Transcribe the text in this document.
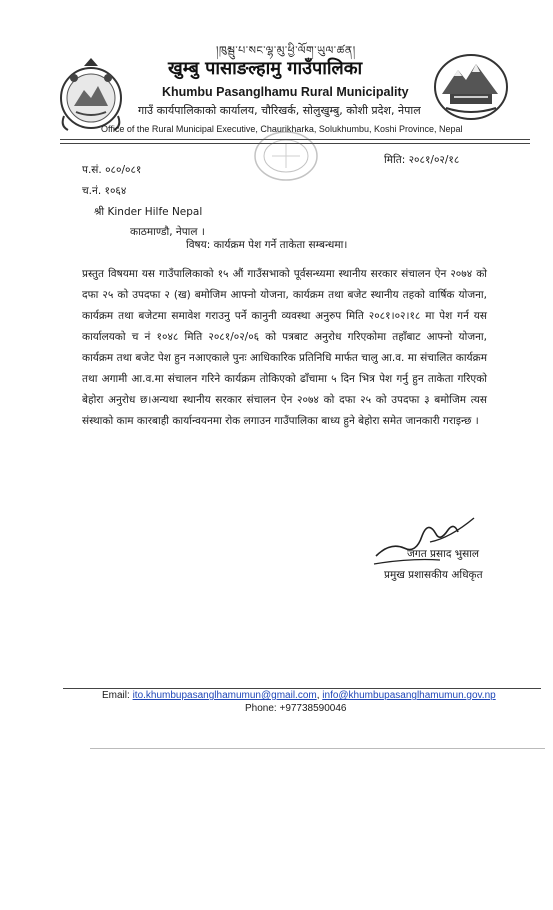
།ཁུམྦུ་པ་སང་ལྷ་མུ་ཕྱི་ལོག་ཡུལ་ཚན།
खुम्बु पासाङल्हामु गाउँपालिका
Khumbu Pasanglhamu Rural Municipality
गाउँ कार्यपालिकाको कार्यालय, चौरिखर्क, सोलुखुम्बु, कोशी प्रदेश, नेपाल
Office of the Rural Municipal Executive, Chaurikharka, Solukhumbu, Koshi Province, Nepal
प.सं. ०८०/०८१
मिति: २०८१/०२/१८
च.नं. १०६४
श्री Kinder Hilfe Nepal
काठमाण्डौ, नेपाल ।
विषय: कार्यक्रम पेश गर्ने ताकेता सम्बन्धमा।

प्रस्तुत विषयमा यस गाउँपालिकाको १५ औं गाउँसभाको पूर्वसन्ध्यमा स्थानीय सरकार संचालन ऐन २०७४ को दफा २५ को उपदफा २ (ख) बमोजिम आफ्नो योजना, कार्यक्रम तथा बजेट स्थानीय तहको वार्षिक योजना, कार्यक्रम तथा बजेटमा समावेश गराउनु पर्ने कानुनी व्यवस्था अनुरुप मिति २०८१।०२।१८ मा पेश गर्न यस कार्यालयको च नं १०४८ मिति २०८१/०२/०६ को पत्रबाट अनुरोध गरिएकोमा तहाँबाट आफ्नो योजना, कार्यक्रम तथा बजेट पेश हुन नआएकाले पुनः आधिकारिक प्रतिनिधि मार्फत चालु आ.व. मा संचालित कार्यक्रम तथा अगामी आ.व.मा संचालन गरिने कार्यक्रम तोकिएको ढाँचामा ५ दिन भित्र पेश गर्नु हुन ताकेता गरिएको बेहोरा अनुरोध छ।अन्यथा स्थानीय सरकार संचालन ऐन २०७४ को दफा २५ को उपदफा ३ बमोजिम त्यस संस्थाको काम कारबाही कार्यान्वयनमा रोक लगाउन गाउँपालिका बाध्य हुने बेहोरा समेत जानकारी गराइन्छ ।

जगत प्रसाद भुसाल
प्रमुख प्रशासकीय अधिकृत
Email: ito.khumbupasanglhamumun@gmail.com, info@khumbupasanglhamumun.gov.np
Phone: +97738590046
